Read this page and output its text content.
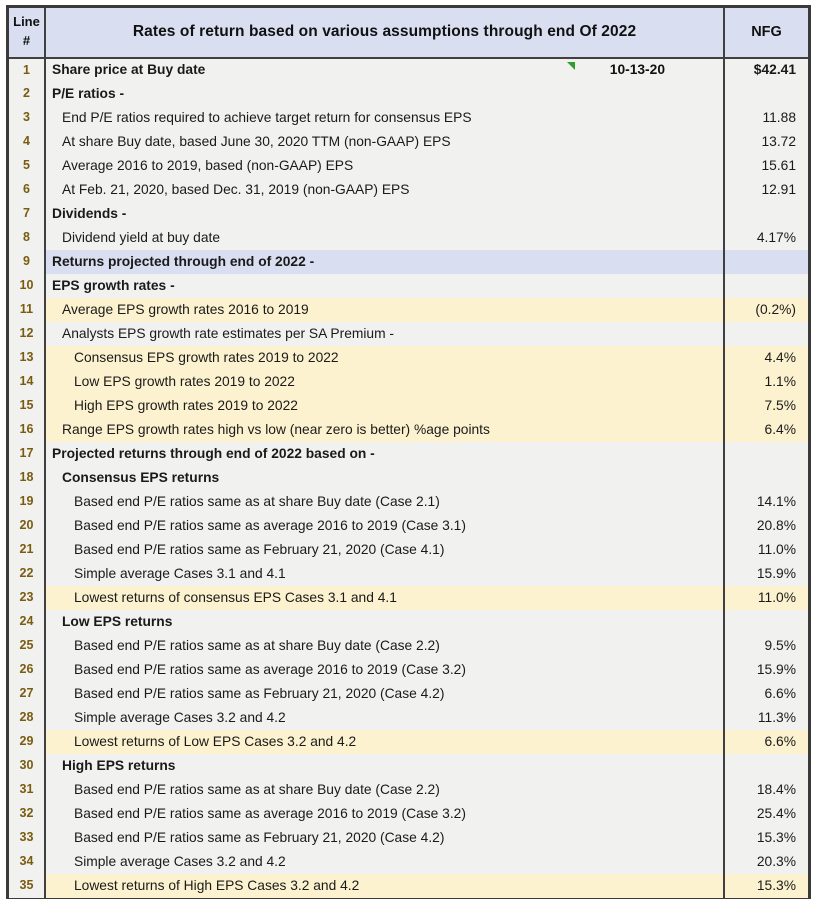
Line
#	Rates of return based on various assumptions through end Of 2022	NFG
1	Share price at Buy date 10-13-20	$42.41
2	P/E ratios -	
3	End P/E ratios required to achieve target return for consensus EPS	11.88
4	At share Buy date, based June 30, 2020 TTM (non-GAAP) EPS	13.72
5	Average 2016 to 2019, based (non-GAAP) EPS	15.61
6	At Feb. 21, 2020, based Dec. 31, 2019 (non-GAAP) EPS	12.91
7	Dividends -	
8	Dividend yield at buy date	4.17%
9	Returns projected through end of 2022 -	
10	EPS growth rates -	
11	Average EPS growth rates 2016 to 2019	(0.2%)
12	Analysts EPS growth rate estimates per SA Premium -	
13	Consensus EPS growth rates 2019 to 2022	4.4%
14	Low EPS growth rates 2019 to 2022	1.1%
15	High EPS growth rates 2019 to 2022	7.5%
16	Range EPS growth rates high vs low (near zero is better) %age points	6.4%
17	Projected returns through end of 2022 based on -	
18	Consensus EPS returns	
19	Based end P/E ratios same as at share Buy date (Case 2.1)	14.1%
20	Based end P/E ratios same as average 2016 to 2019 (Case 3.1)	20.8%
21	Based end P/E ratios same as February 21, 2020 (Case 4.1)	11.0%
22	Simple average Cases 3.1 and 4.1	15.9%
23	Lowest returns of consensus EPS Cases 3.1 and 4.1	11.0%
24	Low EPS returns	
25	Based end P/E ratios same as at share Buy date (Case 2.2)	9.5%
26	Based end P/E ratios same as average 2016 to 2019 (Case 3.2)	15.9%
27	Based end P/E ratios same as February 21, 2020 (Case 4.2)	6.6%
28	Simple average Cases 3.2 and 4.2	11.3%
29	Lowest returns of Low EPS Cases 3.2 and 4.2	6.6%
30	High EPS returns	
31	Based end P/E ratios same as at share Buy date (Case 2.2)	18.4%
32	Based end P/E ratios same as average 2016 to 2019 (Case 3.2)	25.4%
33	Based end P/E ratios same as February 21, 2020 (Case 4.2)	15.3%
34	Simple average Cases 3.2 and 4.2	20.3%
35	Lowest returns of High EPS Cases 3.2 and 4.2	15.3%
